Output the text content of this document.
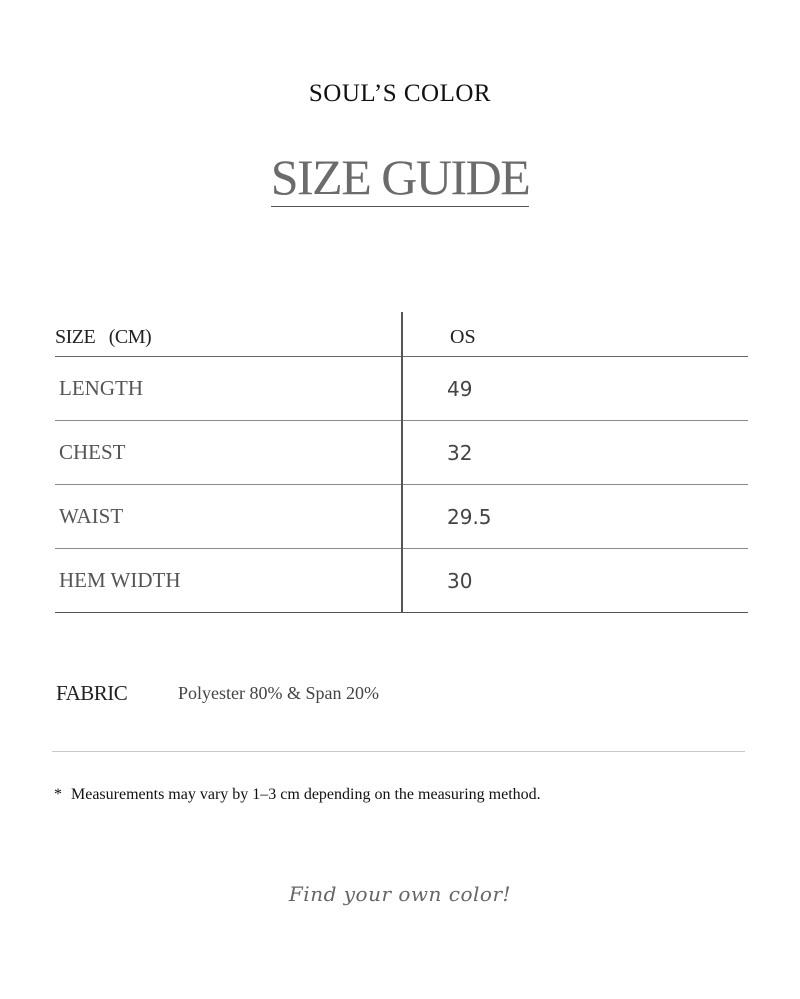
SOUL’S COLOR
SIZE GUIDE
SIZE   (CM)	OS
LENGTH	49
CHEST	32
WAIST	29.5
HEM WIDTH	30
FABRIC	Polyester 80% & Span 20%
* Measurements may vary by 1–3 cm depending on the measuring method.
Find your own color!
